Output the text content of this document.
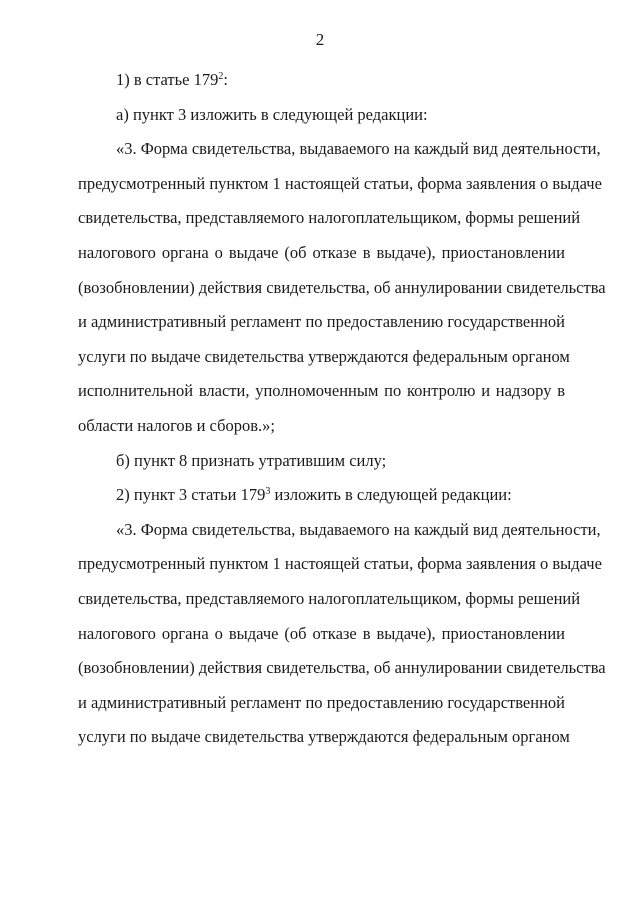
2
1) в статье $179^2$:
а) пункт 3 изложить в следующей редакции:
«3. Форма свидетельства, выдаваемого на каждый вид деятельности,
предусмотренный пунктом 1 настоящей статьи, форма заявления о выдаче
свидетельства, представляемого налогоплательщиком, формы решений
налогового органа о выдаче (об отказе в выдаче), приостановлении
(возобновлении) действия свидетельства, об аннулировании свидетельства
и административный регламент по предоставлению государственной
услуги по выдаче свидетельства утверждаются федеральным органом
исполнительной власти, уполномоченным по контролю и надзору в
области налогов и сборов.»;
б) пункт 8 признать утратившим силу;
2) пункт 3 статьи $179^3$ изложить в следующей редакции:
«3. Форма свидетельства, выдаваемого на каждый вид деятельности,
предусмотренный пунктом 1 настоящей статьи, форма заявления о выдаче
свидетельства, представляемого налогоплательщиком, формы решений
налогового органа о выдаче (об отказе в выдаче), приостановлении
(возобновлении) действия свидетельства, об аннулировании свидетельства
и административный регламент по предоставлению государственной
услуги по выдаче свидетельства утверждаются федеральным органом
